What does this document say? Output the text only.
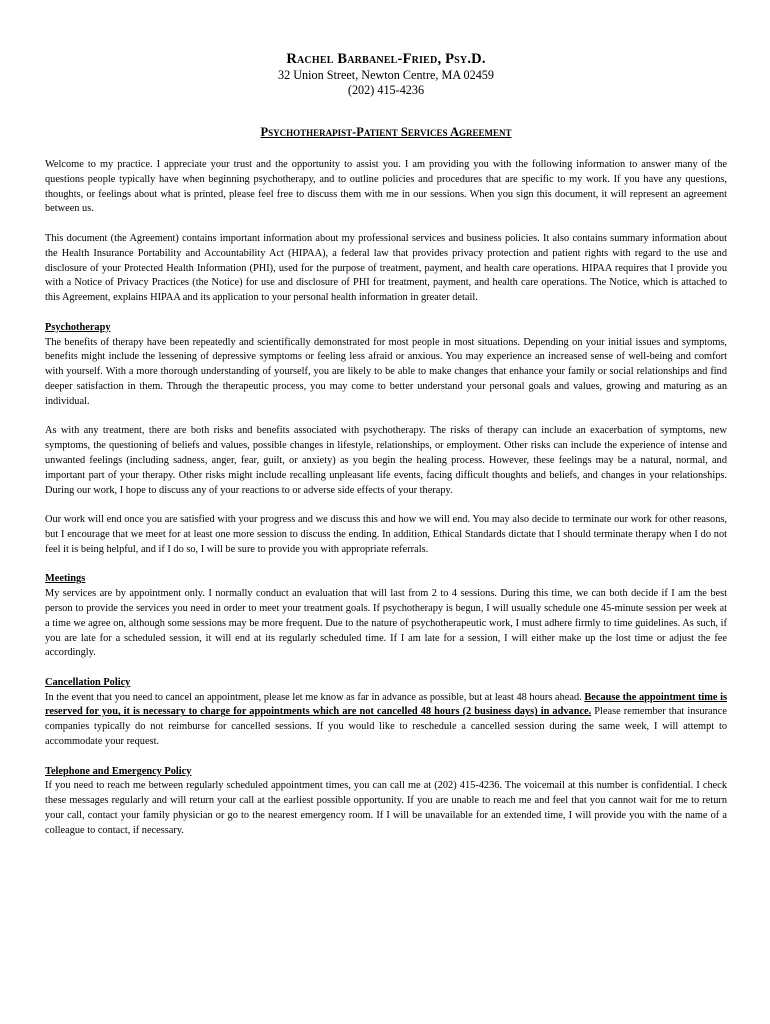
Rachel Barbanel-Fried, Psy.D.
32 Union Street, Newton Centre, MA 02459
(202) 415-4236
Psychotherapist-Patient Services Agreement

Welcome to my practice. I appreciate your trust and the opportunity to assist you. I am providing you with the following information to answer many of the questions people typically have when beginning psychotherapy, and to outline policies and procedures that are specific to my work. If you have any questions, thoughts, or feelings about what is printed, please feel free to discuss them with me in our sessions. When you sign this document, it will represent an agreement between us.

This document (the Agreement) contains important information about my professional services and business policies. It also contains summary information about the Health Insurance Portability and Accountability Act (HIPAA), a federal law that provides privacy protection and patient rights with regard to the use and disclosure of your Protected Health Information (PHI), used for the purpose of treatment, payment, and health care operations. HIPAA requires that I provide you with a Notice of Privacy Practices (the Notice) for use and disclosure of PHI for treatment, payment, and health care operations. The Notice, which is attached to this Agreement, explains HIPAA and its application to your personal health information in greater detail.

Psychotherapy

The benefits of therapy have been repeatedly and scientifically demonstrated for most people in most situations. Depending on your initial issues and symptoms, benefits might include the lessening of depressive symptoms or feeling less afraid or anxious. You may experience an increased sense of well-being and comfort with yourself. With a more thorough understanding of yourself, you are likely to be able to make changes that enhance your family or social relationships and find deeper satisfaction in them. Through the therapeutic process, you may come to better understand your personal goals and values, growing and maturing as an individual.

As with any treatment, there are both risks and benefits associated with psychotherapy. The risks of therapy can include an exacerbation of symptoms, new symptoms, the questioning of beliefs and values, possible changes in lifestyle, relationships, or employment. Other risks can include the experience of intense and unwanted feelings (including sadness, anger, fear, guilt, or anxiety) as you begin the healing process. However, these feelings may be a natural, normal, and important part of your therapy. Other risks might include recalling unpleasant life events, facing difficult thoughts and beliefs, and changes in your relationships. During our work, I hope to discuss any of your reactions to or adverse side effects of your therapy.

Our work will end once you are satisfied with your progress and we discuss this and how we will end. You may also decide to terminate our work for other reasons, but I encourage that we meet for at least one more session to discuss the ending. In addition, Ethical Standards dictate that I should terminate therapy when I do not feel it is being helpful, and if I do so, I will be sure to provide you with appropriate referrals.

Meetings

My services are by appointment only. I normally conduct an evaluation that will last from 2 to 4 sessions. During this time, we can both decide if I am the best person to provide the services you need in order to meet your treatment goals. If psychotherapy is begun, I will usually schedule one 45-minute session per week at a time we agree on, although some sessions may be more frequent. Due to the nature of psychotherapeutic work, I must adhere firmly to time guidelines. As such, if you are late for a scheduled session, it will end at its regularly scheduled time. If I am late for a session, I will either make up the lost time or adjust the fee accordingly.

Cancellation Policy

In the event that you need to cancel an appointment, please let me know as far in advance as possible, but at least 48 hours ahead. Because the appointment time is reserved for you, it is necessary to charge for appointments which are not cancelled 48 hours (2 business days) in advance. Please remember that insurance companies typically do not reimburse for cancelled sessions. If you would like to reschedule a cancelled session during the same week, I will attempt to accommodate your request.

Telephone and Emergency Policy

If you need to reach me between regularly scheduled appointment times, you can call me at (202) 415-4236. The voicemail at this number is confidential. I check these messages regularly and will return your call at the earliest possible opportunity. If you are unable to reach me and feel that you cannot wait for me to return your call, contact your family physician or go to the nearest emergency room. If I will be unavailable for an extended time, I will provide you with the name of a colleague to contact, if necessary.
